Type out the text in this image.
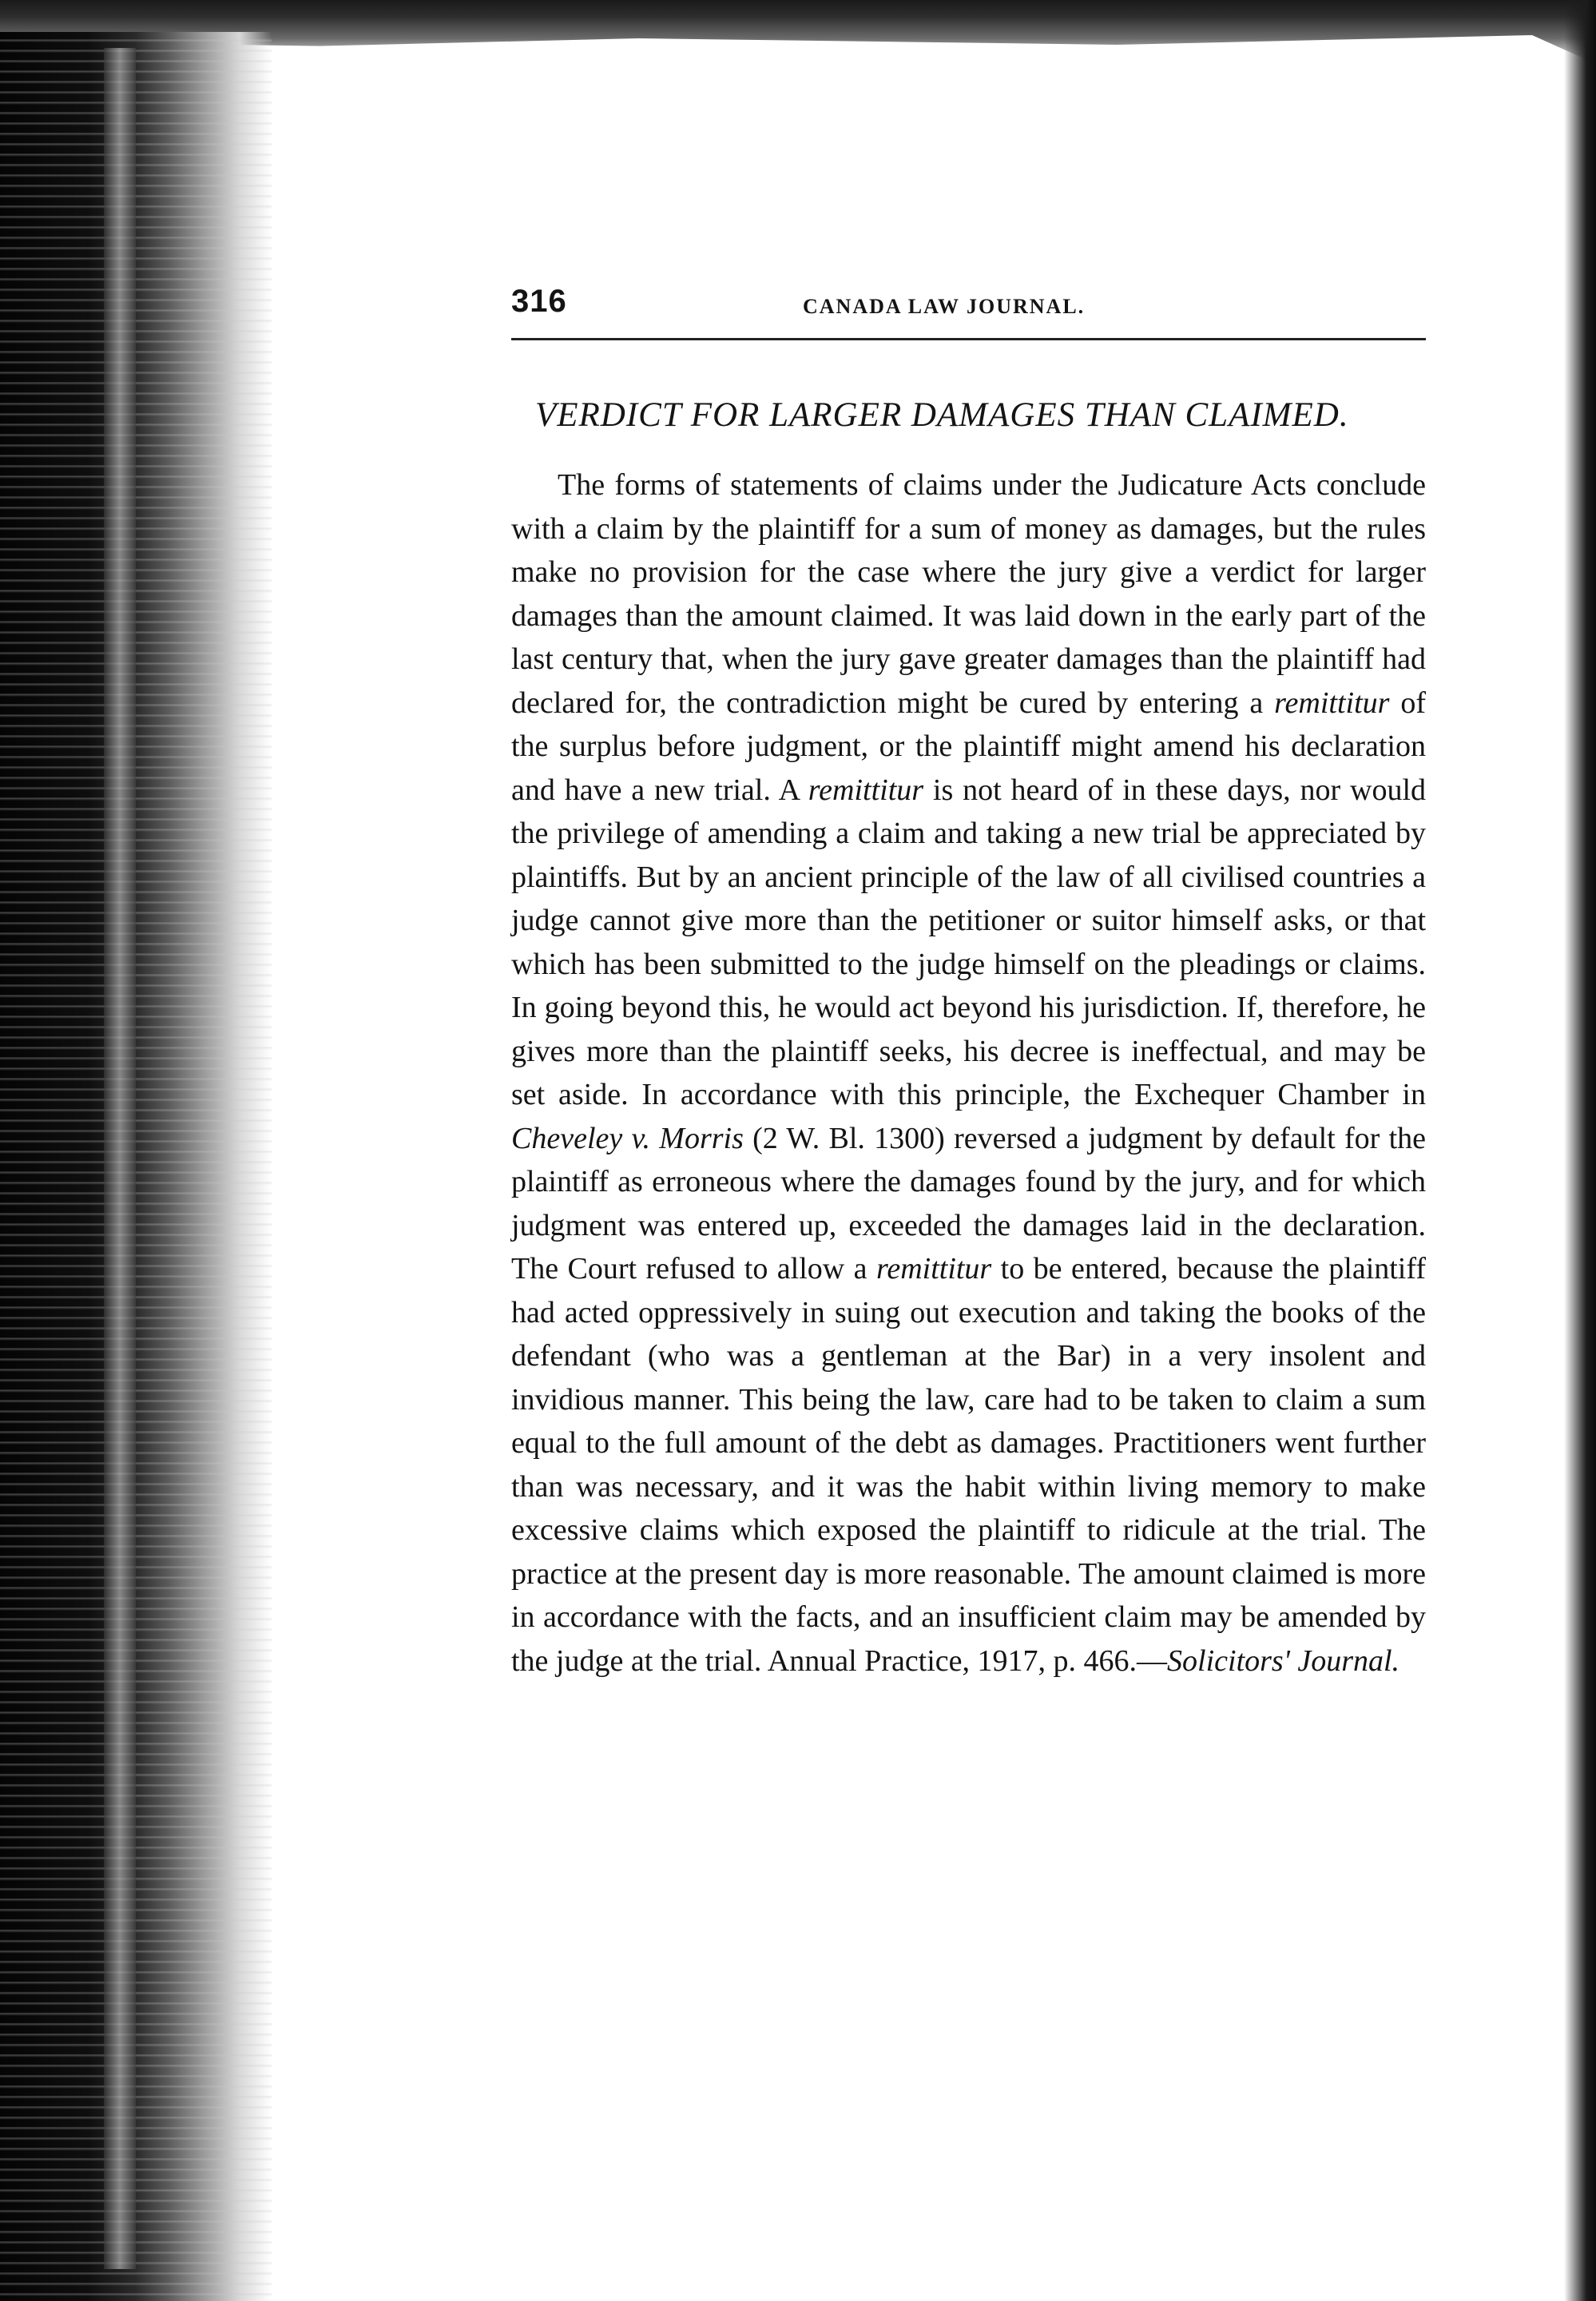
316	CANADA LAW JOURNAL.
VERDICT FOR LARGER DAMAGES THAN CLAIMED.

The forms of statements of claims under the Judicature Acts conclude with a claim by the plaintiff for a sum of money as damages, but the rules make no provision for the case where the jury give a verdict for larger damages than the amount claimed. It was laid down in the early part of the last century that, when the jury gave greater damages than the plaintiff had declared for, the contradiction might be cured by entering a remittitur of the surplus before judgment, or the plaintiff might amend his declaration and have a new trial. A remittitur is not heard of in these days, nor would the privilege of amending a claim and taking a new trial be appreciated by plaintiffs. But by an ancient principle of the law of all civilised countries a judge cannot give more than the petitioner or suitor himself asks, or that which has been submitted to the judge himself on the pleadings or claims. In going beyond this, he would act beyond his jurisdiction. If, therefore, he gives more than the plaintiff seeks, his decree is ineffectual, and may be set aside. In accordance with this principle, the Exchequer Chamber in Cheveley v. Morris (2 W. Bl. 1300) reversed a judgment by default for the plaintiff as erroneous where the damages found by the jury, and for which judgment was entered up, exceeded the damages laid in the declaration. The Court refused to allow a remittitur to be entered, because the plaintiff had acted oppressively in suing out execution and taking the books of the defendant (who was a gentleman at the Bar) in a very insolent and invidious manner. This being the law, care had to be taken to claim a sum equal to the full amount of the debt as damages. Practitioners went further than was necessary, and it was the habit within living memory to make excessive claims which exposed the plaintiff to ridicule at the trial. The practice at the present day is more reasonable. The amount claimed is more in accordance with the facts, and an insufficient claim may be amended by the judge at the trial. Annual Practice, 1917, p. 466.—Solicitors' Journal.
